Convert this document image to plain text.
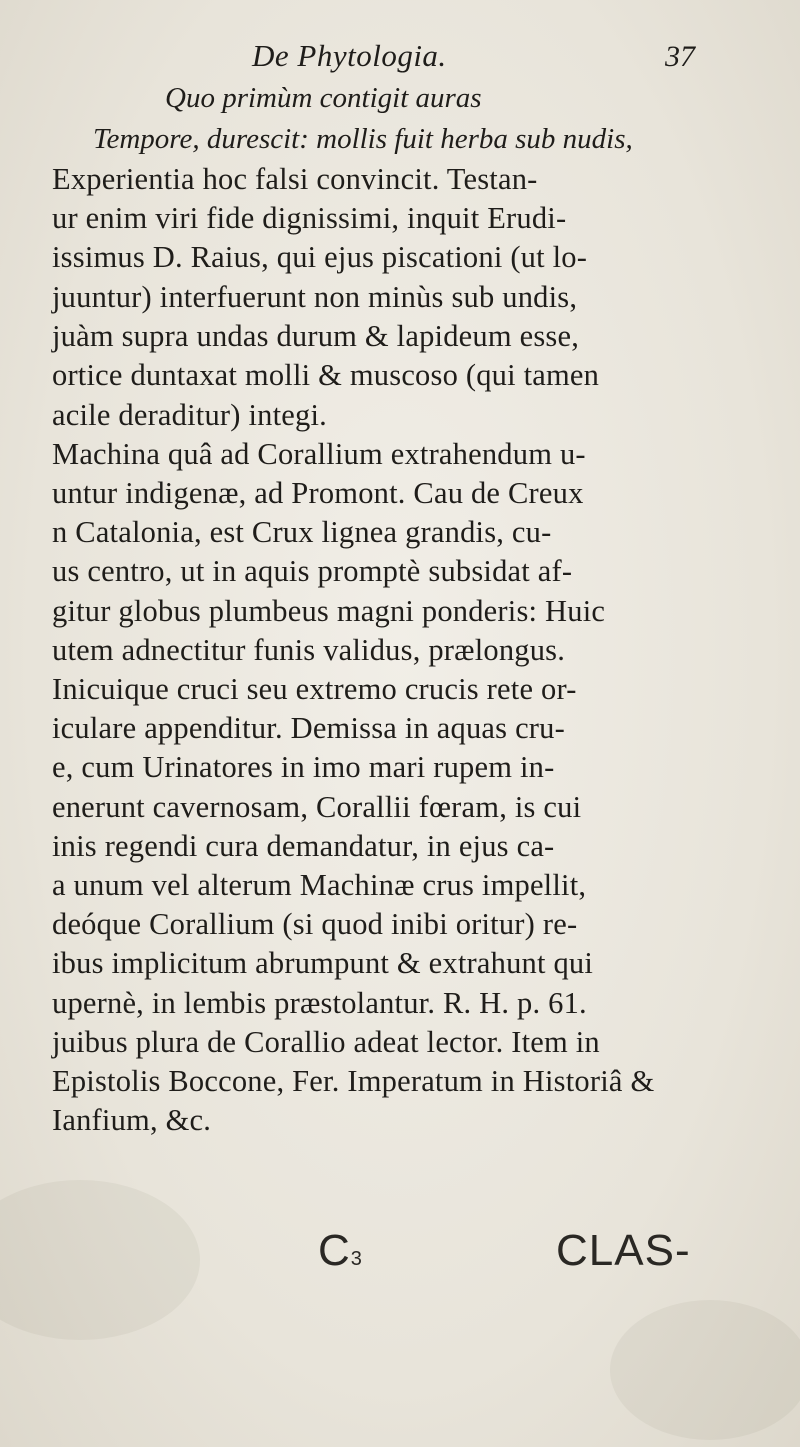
De Phytologia.	37
Quo primùm contigit auras
Tempore, durescit: mollis fuit herba sub nudis,
Experientia hoc falsi convincit. Testan-
ur enim viri fide dignissimi, inquit Erudi-
issimus D. Raius, qui ejus piscationi (ut lo-
juuntur) interfuerunt non minùs sub undis,
juàm supra undas durum & lapideum esse,
ortice duntaxat molli & muscoso (qui tamen
acile deraditur) integi.
Machina quâ ad Corallium extrahendum u-
untur indigenæ, ad Promont. Cau de Creux
n Catalonia, est Crux lignea grandis, cu-
us centro, ut in aquis promptè subsidat af-
gitur globus plumbeus magni ponderis: Huic
utem adnectitur funis validus, prælongus.
Inicuique cruci seu extremo crucis rete or-
iculare appenditur. Demissa in aquas cru-
e, cum Urinatores in imo mari rupem in-
enerunt cavernosam, Corallii fœram, is cui
inis regendi cura demandatur, in ejus ca-
a unum vel alterum Machinæ crus impellit,
deóque Corallium (si quod inibi oritur) re-
ibus implicitum abrumpunt & extrahunt qui
upernè, in lembis præstolantur. R. H. p. 61.
juibus plura de Corallio adeat lector. Item in
Epistolis Boccone, Fer. Imperatum in Historiâ &
Ianfium, &c.
C3	CLAS-
